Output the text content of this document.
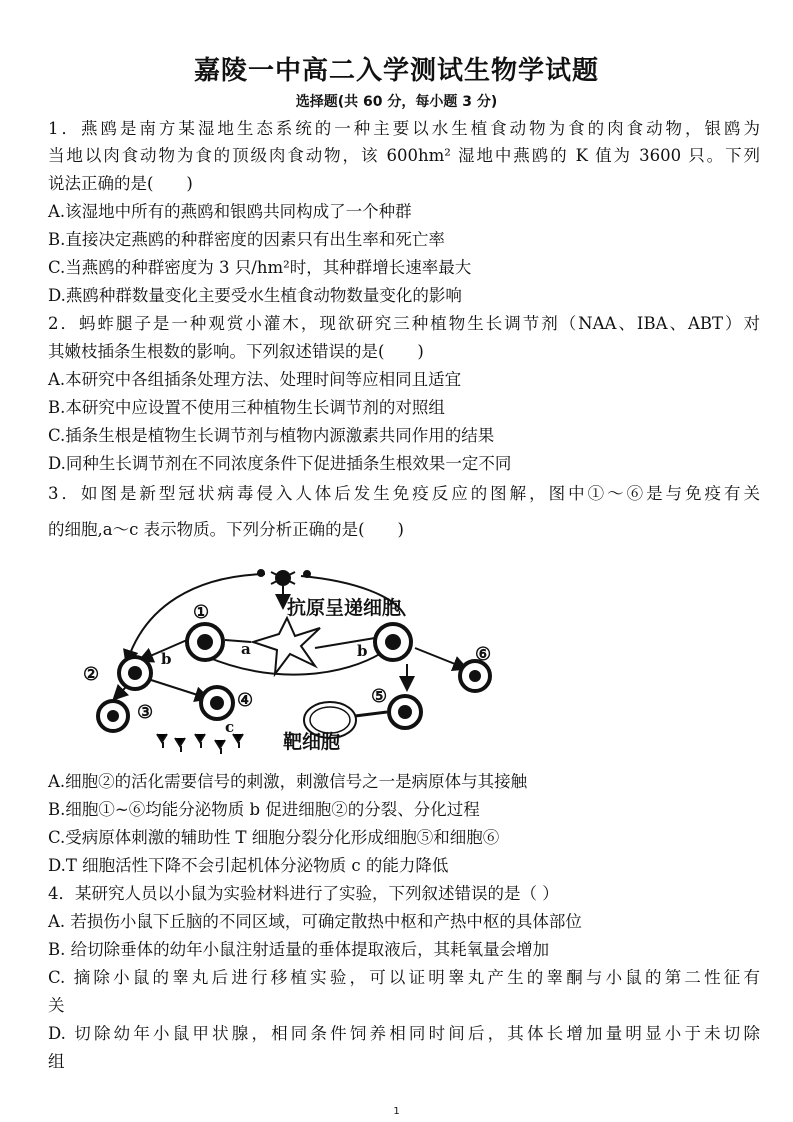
嘉陵一中高二入学测试生物学试题
选择题(共 60 分，每小题 3 分)
1．燕鸥是南方某湿地生态系统的一种主要以水生植食动物为食的肉食动物，银鸥为
当地以肉食动物为食的顶级肉食动物，该 600hm² 湿地中燕鸥的 K 值为 3600 只。下列
说法正确的是(　　)
A.该湿地中所有的燕鸥和银鸥共同构成了一个种群
B.直接决定燕鸥的种群密度的因素只有出生率和死亡率
C.当燕鸥的种群密度为 3 只/hm²时，其种群增长速率最大
D.燕鸥种群数量变化主要受水生植食动物数量变化的影响
2．蚂蚱腿子是一种观赏小灌木，现欲研究三种植物生长调节剂（NAA、IBA、ABT）对
其嫩枝插条生根数的影响。下列叙述错误的是(　　)
A.本研究中各组插条处理方法、处理时间等应相同且适宜
B.本研究中应设置不使用三种植物生长调节剂的对照组
C.插条生根是植物生长调节剂与植物内源激素共同作用的结果
D.同种生长调节剂在不同浓度条件下促进插条生根效果一定不同
3．如图是新型冠状病毒侵入人体后发生免疫反应的图解，图中①～⑥是与免疫有关
的细胞,a～c 表示物质。下列分析正确的是(　　)
抗原呈递细胞
靶细胞
①
②
③
④	⑤
⑥
a
b	b
c
A.细胞②的活化需要信号的刺激，刺激信号之一是病原体与其接触
B.细胞①~⑥均能分泌物质 b 促进细胞②的分裂、分化过程
C.受病原体刺激的辅助性 T 细胞分裂分化形成细胞⑤和细胞⑥
D.T 细胞活性下降不会引起机体分泌物质 c 的能力降低
4．某研究人员以小鼠为实验材料进行了实验，下列叙述错误的是（ ）
A. 若损伤小鼠下丘脑的不同区域，可确定散热中枢和产热中枢的具体部位
B. 给切除垂体的幼年小鼠注射适量的垂体提取液后，其耗氧量会增加
C. 摘除小鼠的睾丸后进行移植实验，可以证明睾丸产生的睾酮与小鼠的第二性征有
关
D. 切除幼年小鼠甲状腺，相同条件饲养相同时间后，其体长增加量明显小于未切除
组
1
